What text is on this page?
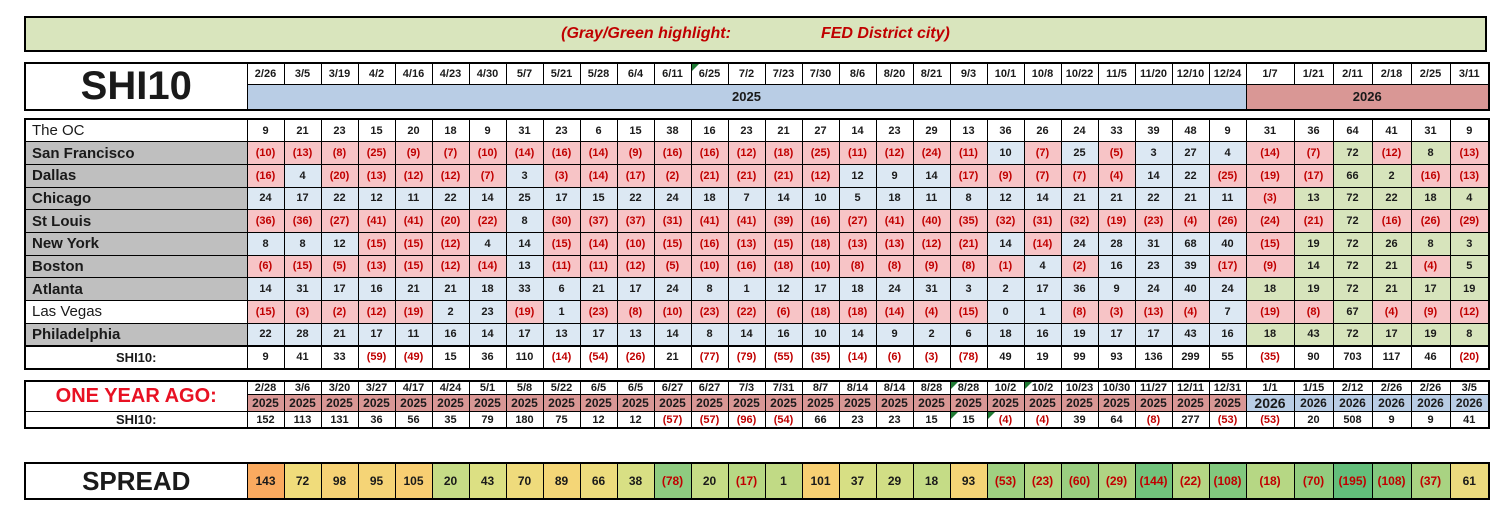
(Gray/Green highlight:	FED District city)
SHI10	2/26	3/5	3/19	4/2	4/16	4/23	4/30	5/7	5/21	5/28	6/4	6/11	6/25	7/2	7/23	7/30	8/6	8/20	8/21	9/3	10/1	10/8	10/22	11/5	11/20	12/10	12/24	1/7	1/21	2/11	2/18	2/25	3/11
	2025																											2026					
The OC	9	21	23	15	20	18	9	31	23	6	15	38	16	23	21	27	14	23	29	13	36	26	24	33	39	48	9	31	36	64	41	31	9
San Francisco	(10)	(13)	(8)	(25)	(9)	(7)	(10)	(14)	(16)	(14)	(9)	(16)	(16)	(12)	(18)	(25)	(11)	(12)	(24)	(11)	10	(7)	25	(5)	3	27	4	(14)	(7)	72	(12)	8	(13)
Dallas	(16)	4	(20)	(13)	(12)	(12)	(7)	3	(3)	(14)	(17)	(2)	(21)	(21)	(21)	(12)	12	9	14	(17)	(9)	(7)	(7)	(4)	14	22	(25)	(19)	(17)	66	2	(16)	(13)
Chicago	24	17	22	12	11	22	14	25	17	15	22	24	18	7	14	10	5	18	11	8	12	14	21	21	22	21	11	(3)	13	72	22	18	4
St Louis	(36)	(36)	(27)	(41)	(41)	(20)	(22)	8	(30)	(37)	(37)	(31)	(41)	(41)	(39)	(16)	(27)	(41)	(40)	(35)	(32)	(31)	(32)	(19)	(23)	(4)	(26)	(24)	(21)	72	(16)	(26)	(29)
New York	8	8	12	(15)	(15)	(12)	4	14	(15)	(14)	(10)	(15)	(16)	(13)	(15)	(18)	(13)	(13)	(12)	(21)	14	(14)	24	28	31	68	40	(15)	19	72	26	8	3
Boston	(6)	(15)	(5)	(13)	(15)	(12)	(14)	13	(11)	(11)	(12)	(5)	(10)	(16)	(18)	(10)	(8)	(8)	(9)	(8)	(1)	4	(2)	16	23	39	(17)	(9)	14	72	21	(4)	5
Atlanta	14	31	17	16	21	21	18	33	6	21	17	24	8	1	12	17	18	24	31	3	2	17	36	9	24	40	24	18	19	72	21	17	19
Las Vegas	(15)	(3)	(2)	(12)	(19)	2	23	(19)	1	(23)	(8)	(10)	(23)	(22)	(6)	(18)	(18)	(14)	(4)	(15)	0	1	(8)	(3)	(13)	(4)	7	(19)	(8)	67	(4)	(9)	(12)
Philadelphia	22	28	21	17	11	16	14	17	13	17	13	14	8	14	16	10	14	9	2	6	18	16	19	17	17	43	16	18	43	72	17	19	8
SHI10:	9	41	33	(59)	(49)	15	36	110	(14)	(54)	(26)	21	(77)	(79)	(55)	(35)	(14)	(6)	(3)	(78)	49	19	99	93	136	299	55	(35)	90	703	117	46	(20)
ONE YEAR AGO:	2/28	3/6	3/20	3/27	4/17	4/24	5/1	5/8	5/22	6/5	6/5	6/27	6/27	7/3	7/31	8/7	8/14	8/14	8/28	8/28	10/2	10/2	10/23	10/30	11/27	12/11	12/31	1/1	1/15	2/12	2/26	2/26	3/5
	2025	2025	2025	2025	2025	2025	2025	2025	2025	2025	2025	2025	2025	2025	2025	2025	2025	2025	2025	2025	2025	2025	2025	2025	2025	2025	2025	2026	2026	2026	2026	2026	2026
SHI10:	152	113	131	36	56	35	79	180	75	12	12	(57)	(57)	(96)	(54)	66	23	23	15	15	(4)	(4)	39	64	(8)	277	(53)	(53)	20	508	9	9	41
SPREAD	143	72	98	95	105	20	43	70	89	66	38	(78)	20	(17)	1	101	37	29	18	93	(53)	(23)	(60)	(29)	(144)	(22)	(108)	(18)	(70)	(195)	(108)	(37)	61
